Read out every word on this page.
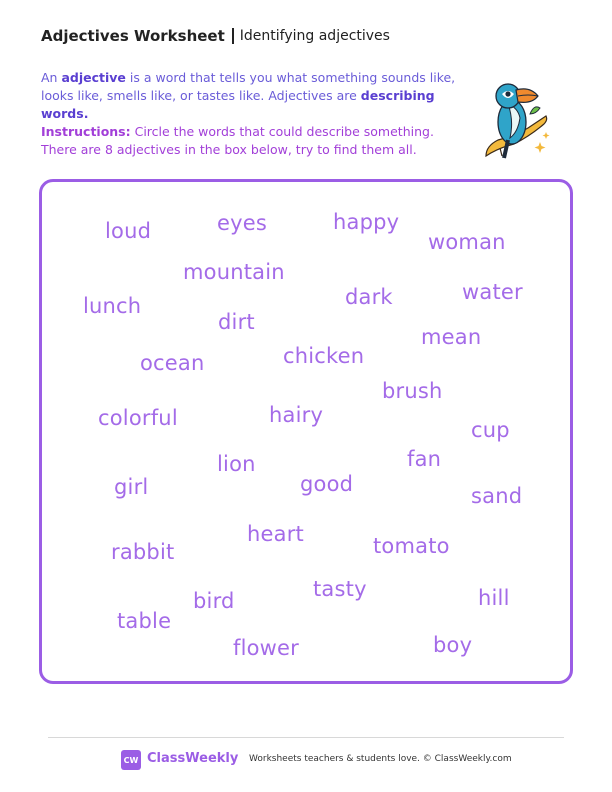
Adjectives Worksheet Identifying adjectives
An adjective is a word that tells you what something sounds like, looks like, smells like, or tastes like. Adjectives are describing words.
Instructions: Circle the words that could describe something. There are 8 adjectives in the box below, try to find them all.
loud	eyes	happy
woman
mountain
lunch	dark	water
dirt
mean
ocean	chicken
brush
colorful	hairy
cup
lion	fan
girl	good	sand
heart	tomato
rabbit
tasty	hill
bird
table
flower	boy
CW ClassWeekly Worksheets teachers & students love. © ClassWeekly.com
